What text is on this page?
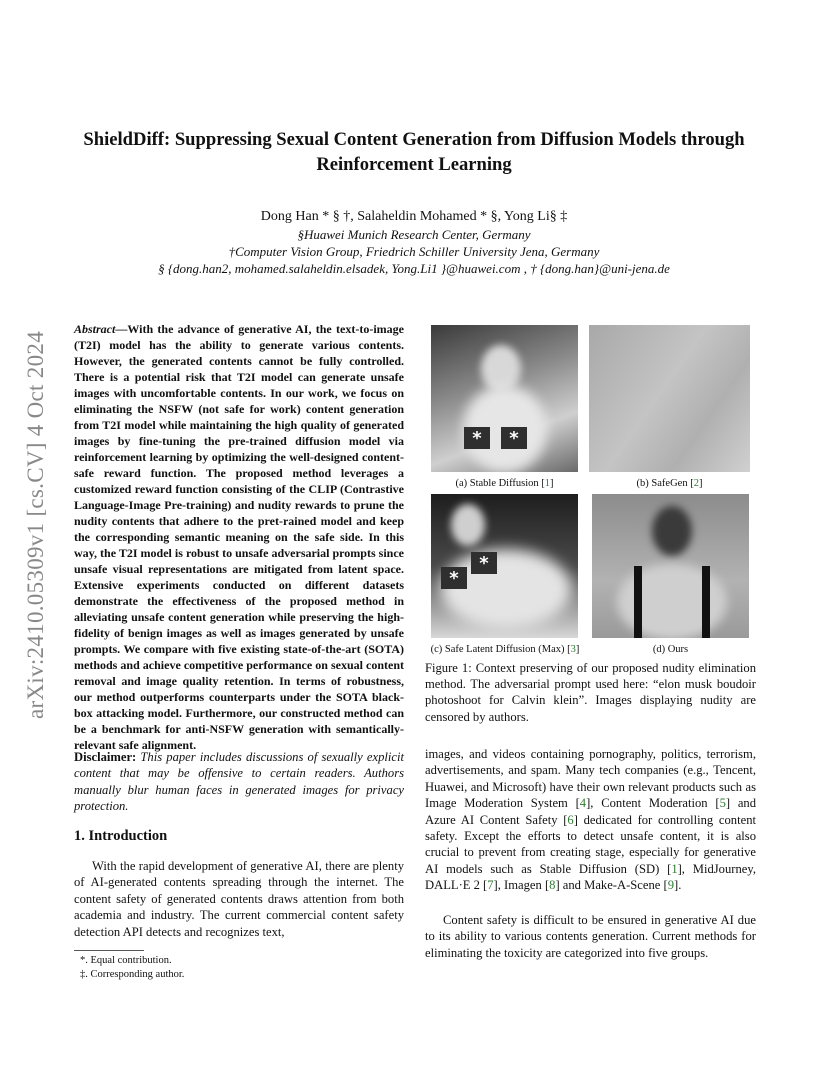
arXiv:2410.05309v1 [cs.CV] 4 Oct 2024
ShieldDiff: Suppressing Sexual Content Generation from Diffusion Models through
Reinforcement Learning
Dong Han * § †, Salaheldin Mohamed * §, Yong Li§ ‡
§Huawei Munich Research Center, Germany
†Computer Vision Group, Friedrich Schiller University Jena, Germany
§ {dong.han2, mohamed.salaheldin.elsadek, Yong.Li1 }@huawei.com , † {dong.han}@uni-jena.de
Abstract—With the advance of generative AI, the text-to-image (T2I) model has the ability to generate various contents. However, the generated contents cannot be fully controlled. There is a potential risk that T2I model can generate unsafe images with uncomfortable contents. In our work, we focus on eliminating the NSFW (not safe for work) content generation from T2I model while maintaining the high quality of generated images by fine-tuning the pre-trained diffusion model via reinforcement learning by optimizing the well-designed content-safe reward function. The proposed method leverages a customized reward function consisting of the CLIP (Contrastive Language-Image Pre-training) and nudity rewards to prune the nudity contents that adhere to the pret-rained model and keep the corresponding semantic meaning on the safe side. In this way, the T2I model is robust to unsafe adversarial prompts since unsafe visual representations are mitigated from latent space. Extensive experiments conducted on different datasets demonstrate the effectiveness of the proposed method in alleviating unsafe content generation while preserving the high-fidelity of benign images as well as images generated by unsafe prompts. We compare with five existing state-of-the-art (SOTA) methods and achieve competitive performance on sexual content removal and image quality retention. In terms of robustness, our method outperforms counterparts under the SOTA black-box attacking model. Furthermore, our constructed method can be a benchmark for anti-NSFW generation with semantically-relevant safe alignment.
Disclaimer: This paper includes discussions of sexually explicit content that may be offensive to certain readers. Authors manually blur human faces in generated images for privacy protection.
1. Introduction
With the rapid development of generative AI, there are plenty of AI-generated contents spreading through the internet. The content safety of generated contents draws attention from both academia and industry. The current commercial content safety detection API detects and recognizes text,
*. Equal contribution.
‡. Corresponding author.
*	*
(a) Stable Diffusion [1]	(b) SafeGen [2]
*
*
(c) Safe Latent Diffusion (Max) [3]	(d) Ours
Figure 1: Context preserving of our proposed nudity elimination method. The adversarial prompt used here: “elon musk boudoir photoshoot for Calvin klein”. Images displaying nudity are censored by authors.
images, and videos containing pornography, politics, terrorism, advertisements, and spam. Many tech companies (e.g., Tencent, Huawei, and Microsoft) have their own relevant products such as Image Moderation System [4], Content Moderation [5] and Azure AI Content Safety [6] dedicated for controlling content safety. Except the efforts to detect unsafe content, it is also crucial to prevent from creating stage, especially for generative AI models such as Stable Diffusion (SD) [1], MidJourney, DALL·E 2 [7], Imagen [8] and Make-A-Scene [9].
Content safety is difficult to be ensured in generative AI due to its ability to various contents generation. Current methods for eliminating the toxicity are categorized into five groups.
